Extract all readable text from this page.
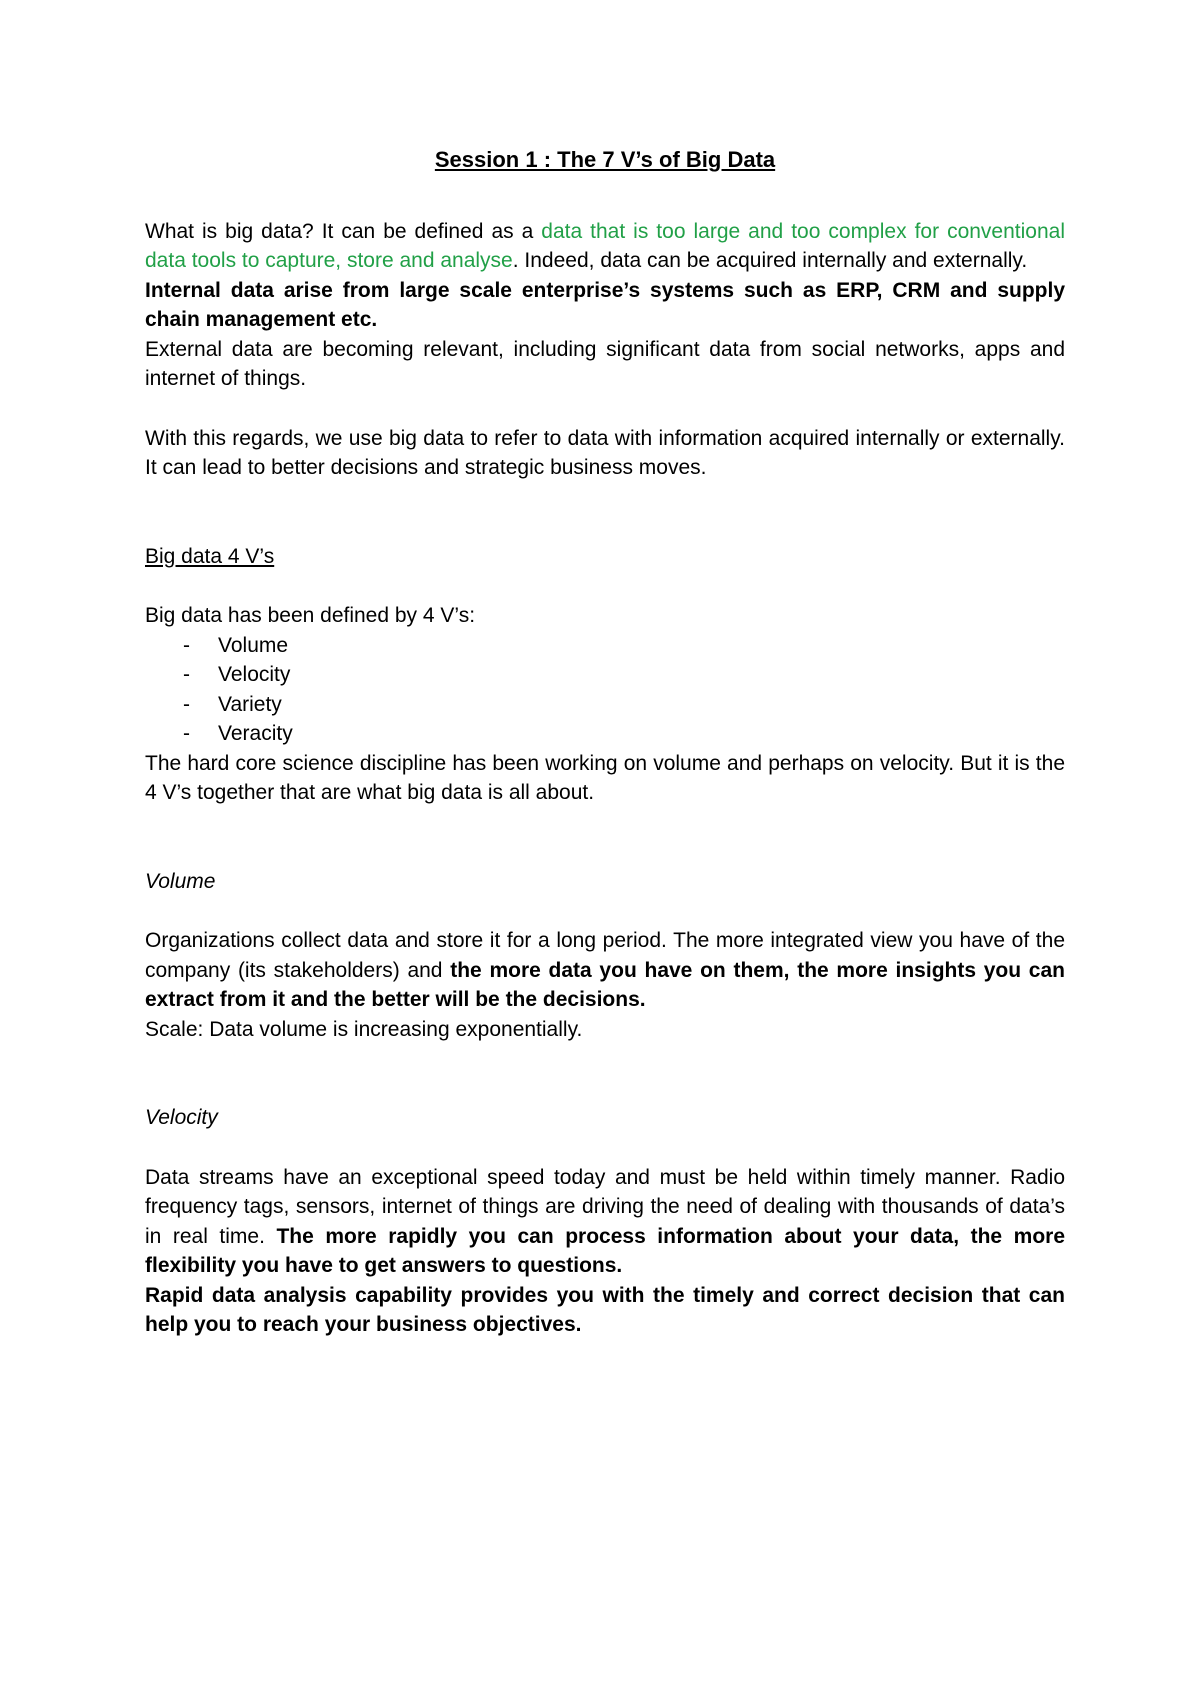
Session 1 : The 7 V’s of Big Data

What is big data? It can be defined as a data that is too large and too complex for conventional data tools to capture, store and analyse. Indeed, data can be acquired internally and externally.

Internal data arise from large scale enterprise’s systems such as ERP, CRM and supply chain management etc.

External data are becoming relevant, including significant data from social networks, apps and internet of things.

With this regards, we use big data to refer to data with information acquired internally or externally. It can lead to better decisions and strategic business moves.

Big data 4 V’s

Big data has been defined by 4 V’s:

- Volume
- Velocity
- Variety
- Veracity

The hard core science discipline has been working on volume and perhaps on velocity. But it is the 4 V’s together that are what big data is all about.

Volume

Organizations collect data and store it for a long period. The more integrated view you have of the company (its stakeholders) and the more data you have on them, the more insights you can extract from it and the better will be the decisions.

Scale: Data volume is increasing exponentially.

Velocity

Data streams have an exceptional speed today and must be held within timely manner. Radio frequency tags, sensors, internet of things are driving the need of dealing with thousands of data’s in real time. The more rapidly you can process information about your data, the more flexibility you have to get answers to questions.

Rapid data analysis capability provides you with the timely and correct decision that can help you to reach your business objectives.
